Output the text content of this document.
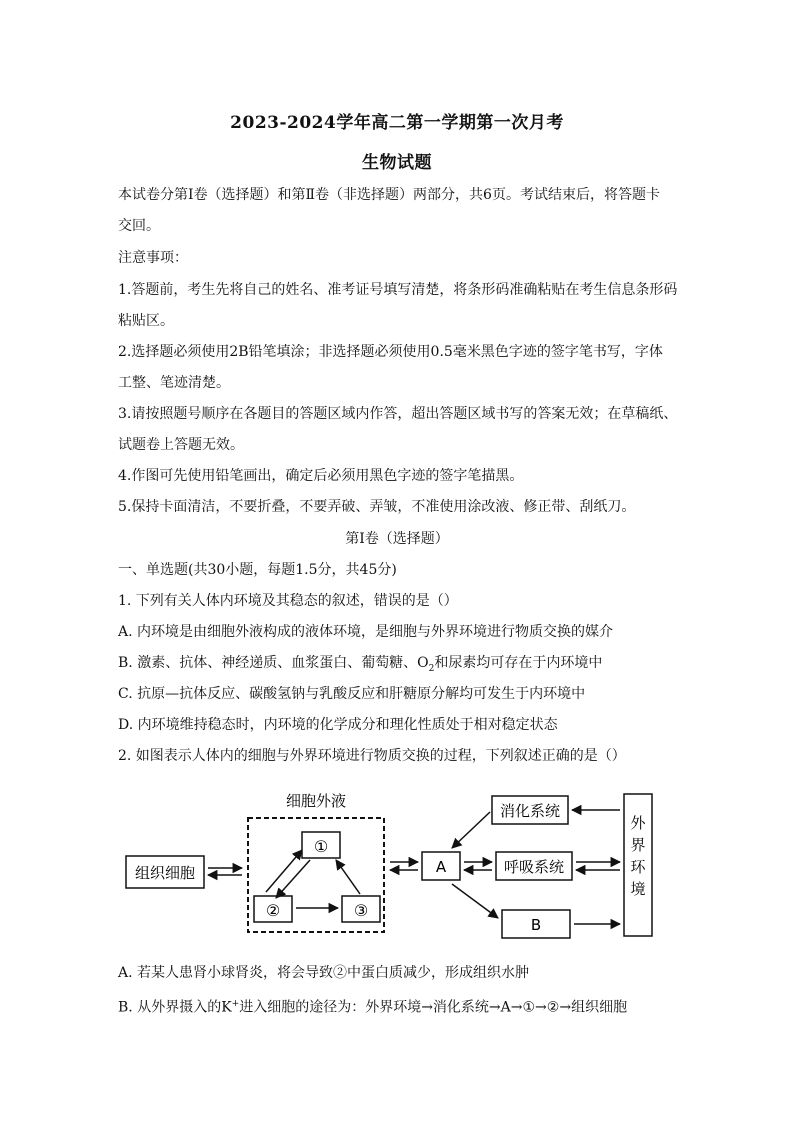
2023-2024学年高二第一学期第一次月考
生物试题
本试卷分第Ⅰ卷（选择题）和第Ⅱ卷（非选择题）两部分，共6页。考试结束后，将答题卡
交回。
注意事项：
1.答题前，考生先将自己的姓名、准考证号填写清楚，将条形码准确粘贴在考生信息条形码
粘贴区。
2.选择题必须使用2B铅笔填涂；非选择题必须使用0.5毫米黑色字迹的签字笔书写，字体
工整、笔迹清楚。
3.请按照题号顺序在各题目的答题区域内作答，超出答题区域书写的答案无效；在草稿纸、
试题卷上答题无效。
4.作图可先使用铅笔画出，确定后必须用黑色字迹的签字笔描黑。
5.保持卡面清洁，不要折叠，不要弄破、弄皱，不准使用涂改液、修正带、刮纸刀。
第Ⅰ卷（选择题）
一、单选题(共30小题，每题1.5分，共45分)
1. 下列有关人体内环境及其稳态的叙述，错误的是（）
A. 内环境是由细胞外液构成的液体环境，是细胞与外界环境进行物质交换的媒介
B. 激素、抗体、神经递质、血浆蛋白、葡萄糖、$O_2$和尿素均可存在于内环境中
C. 抗原—抗体反应、碳酸氢钠与乳酸反应和肝糖原分解均可发生于内环境中
D. 内环境维持稳态时，内环境的化学成分和理化性质处于相对稳定状态
2. 如图表示人体内的细胞与外界环境进行物质交换的过程，下列叙述正确的是（）
细胞外液
组织细胞
①
②	③
A
消化系统
呼吸系统
B
外
界
环
境
A. 若某人患肾小球肾炎，将会导致②中蛋白质减少，形成组织水肿
B. 从外界摄入的K+进入细胞的途径为：外界环境→消化系统→A→①→②→组织细胞
